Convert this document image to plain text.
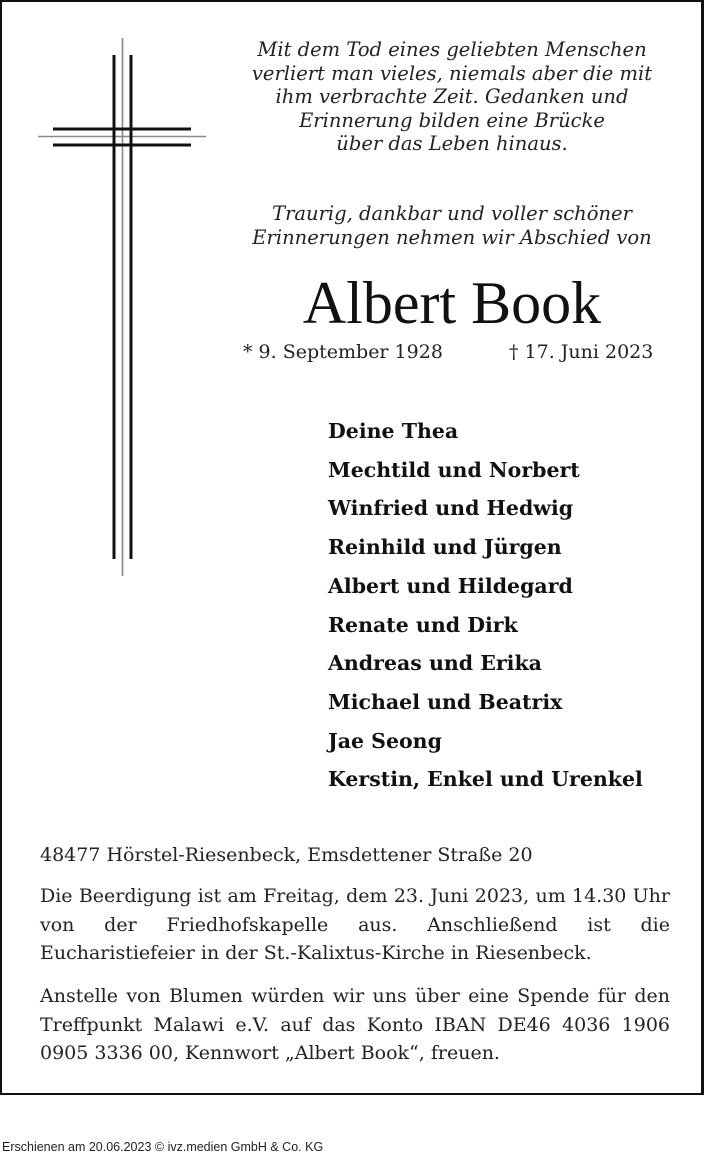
Mit dem Tod eines geliebten Menschen
verliert man vieles, niemals aber die mit
ihm verbrachte Zeit. Gedanken und
Erinnerung bilden eine Brücke
über das Leben hinaus.
Traurig, dankbar und voller schöner
Erinnerungen nehmen wir Abschied von
Albert Book
* 9. September 1928	† 17. Juni 2023
Deine Thea
Mechtild und Norbert
Winfried und Hedwig
Reinhild und Jürgen
Albert und Hildegard
Renate und Dirk
Andreas und Erika
Michael und Beatrix
Jae Seong
Kerstin, Enkel und Urenkel
48477 Hörstel-Riesenbeck, Emsdettener Straße 20
Die Beerdigung ist am Freitag, dem 23. Juni 2023, um 14.30 Uhr von der Friedhofskapelle aus. Anschließend ist die Eucharistiefeier in der St.-Kalixtus-Kirche in Riesenbeck.
Anstelle von Blumen würden wir uns über eine Spende für den Treffpunkt Malawi e.V. auf das Konto IBAN DE46 4036 1906 0905 3336 00, Kennwort „Albert Book“, freuen.
Erschienen am 20.06.2023 © ivz.medien GmbH & Co. KG
